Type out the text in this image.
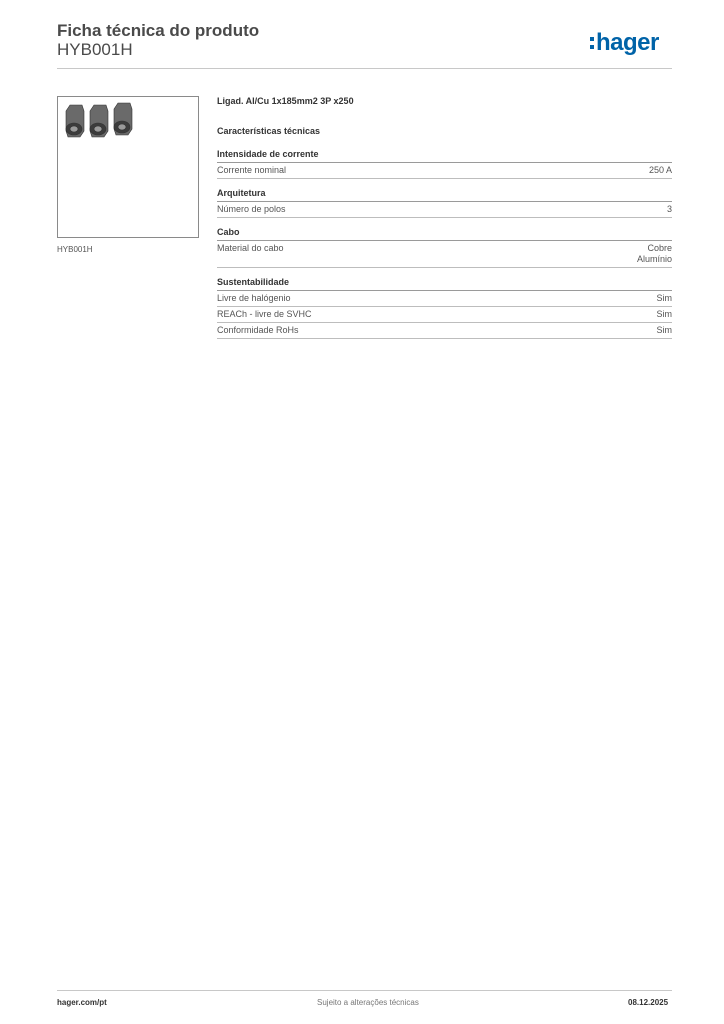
Ficha técnica do produto
HYB001H	hager
HYB001H
Ligad. Al/Cu 1x185mm2 3P x250
Características técnicas
Intensidade de corrente
Corrente nominal	250 A
Arquitetura
Número de polos	3
Cabo
Material do cabo	Cobre
Alumínio
Sustentabilidade
Livre de halógenio	Sim
REACh - livre de SVHC	Sim
Conformidade RoHs	Sim
hager.com/pt	Sujeito a alterações técnicas	08.12.2025
